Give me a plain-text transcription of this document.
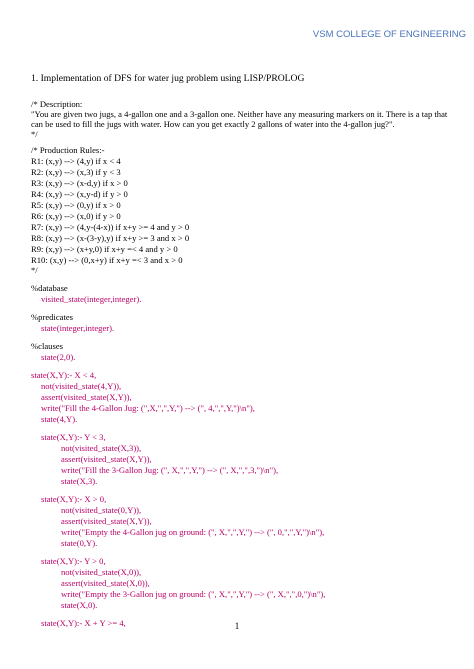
VSM COLLEGE OF ENGINEERING
1. Implementation of DFS for water jug problem using LISP/PROLOG
/* Description:
"You are given two jugs, a 4-gallon one and a 3-gallon one. Neither have any measuring markers on it. There is a tap that can be used to fill the jugs with water. How can you get exactly 2 gallons of water into the 4-gallon jug?".
*/
/* Production Rules:-
R1: (x,y) --> (4,y) if x < 4
R2: (x,y) --> (x,3) if y < 3
R3: (x,y) --> (x-d,y) if x > 0
R4: (x,y) --> (x,y-d) if y > 0
R5: (x,y) --> (0,y) if x > 0
R6: (x,y) --> (x,0) if y > 0
R7: (x,y) --> (4,y-(4-x)) if x+y >= 4 and y > 0
R8: (x,y) --> (x-(3-y),y) if x+y >= 3 and x > 0
R9: (x,y) --> (x+y,0) if x+y =< 4 and y > 0
R10: (x,y) --> (0,x+y) if x+y =< 3 and x > 0
*/
%database
visited_state(integer,integer).
%predicates
state(integer,integer).
%clauses
state(2,0).
state(X,Y):- X < 4,
not(visited_state(4,Y)),
assert(visited_state(X,Y)),
write("Fill the 4-Gallon Jug: (",X,",",Y,") --> (", 4,",",Y,")\n"),
state(4,Y).
state(X,Y):- Y < 3,
not(visited_state(X,3)),
assert(visited_state(X,Y)),
write("Fill the 3-Gallon Jug: (", X,",",Y,") --> (", X,",",3,")\n"),
state(X,3).
state(X,Y):- X > 0,
not(visited_state(0,Y)),
assert(visited_state(X,Y)),
write("Empty the 4-Gallon jug on ground: (", X,",",Y,") --> (", 0,",",Y,")\n"),
state(0,Y).
state(X,Y):- Y > 0,
not(visited_state(X,0)),
assert(visited_state(X,0)),
write("Empty the 3-Gallon jug on ground: (", X,",",Y,") --> (", X,",",0,")\n"),
state(X,0).
state(X,Y):- X + Y >= 4,	1
